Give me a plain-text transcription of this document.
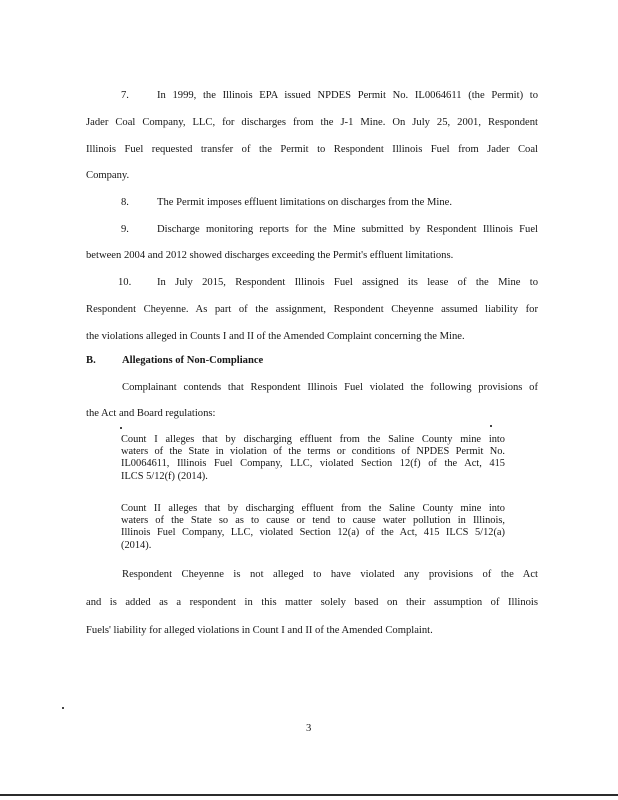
7.	In 1999, the Illinois EPA issued NPDES Permit No. IL0064611 (the Permit) to
Jader Coal Company, LLC, for discharges from the J-1 Mine. On July 25, 2001, Respondent
Illinois Fuel requested transfer of the Permit to Respondent Illinois Fuel from Jader Coal
Company.
8.	The Permit imposes effluent limitations on discharges from the Mine.
9.	Discharge monitoring reports for the Mine submitted by Respondent Illinois Fuel
between 2004 and 2012 showed discharges exceeding the Permit's effluent limitations.
10. In July 2015, Respondent Illinois Fuel assigned its lease of the Mine to
Respondent Cheyenne. As part of the assignment, Respondent Cheyenne assumed liability for
the violations alleged in Counts I and II of the Amended Complaint concerning the Mine.
B. Allegations of Non-Compliance
Complainant contends that Respondent Illinois Fuel violated the following provisions of
the Act and Board regulations:
Count I alleges that by discharging effluent from the Saline County mine into
waters of the State in violation of the terms or conditions of NPDES Permit No.
IL0064611, Illinois Fuel Company, LLC, violated Section 12(f) of the Act, 415
ILCS 5/12(f) (2014).
Count II alleges that by discharging effluent from the Saline County mine into
waters of the State so as to cause or tend to cause water pollution in Illinois,
Illinois Fuel Company, LLC, violated Section 12(a) of the Act, 415 ILCS 5/12(a)
(2014).
Respondent Cheyenne is not alleged to have violated any provisions of the Act
and is added as a respondent in this matter solely based on their assumption of Illinois
Fuels' liability for alleged violations in Count I and II of the Amended Complaint.
3
